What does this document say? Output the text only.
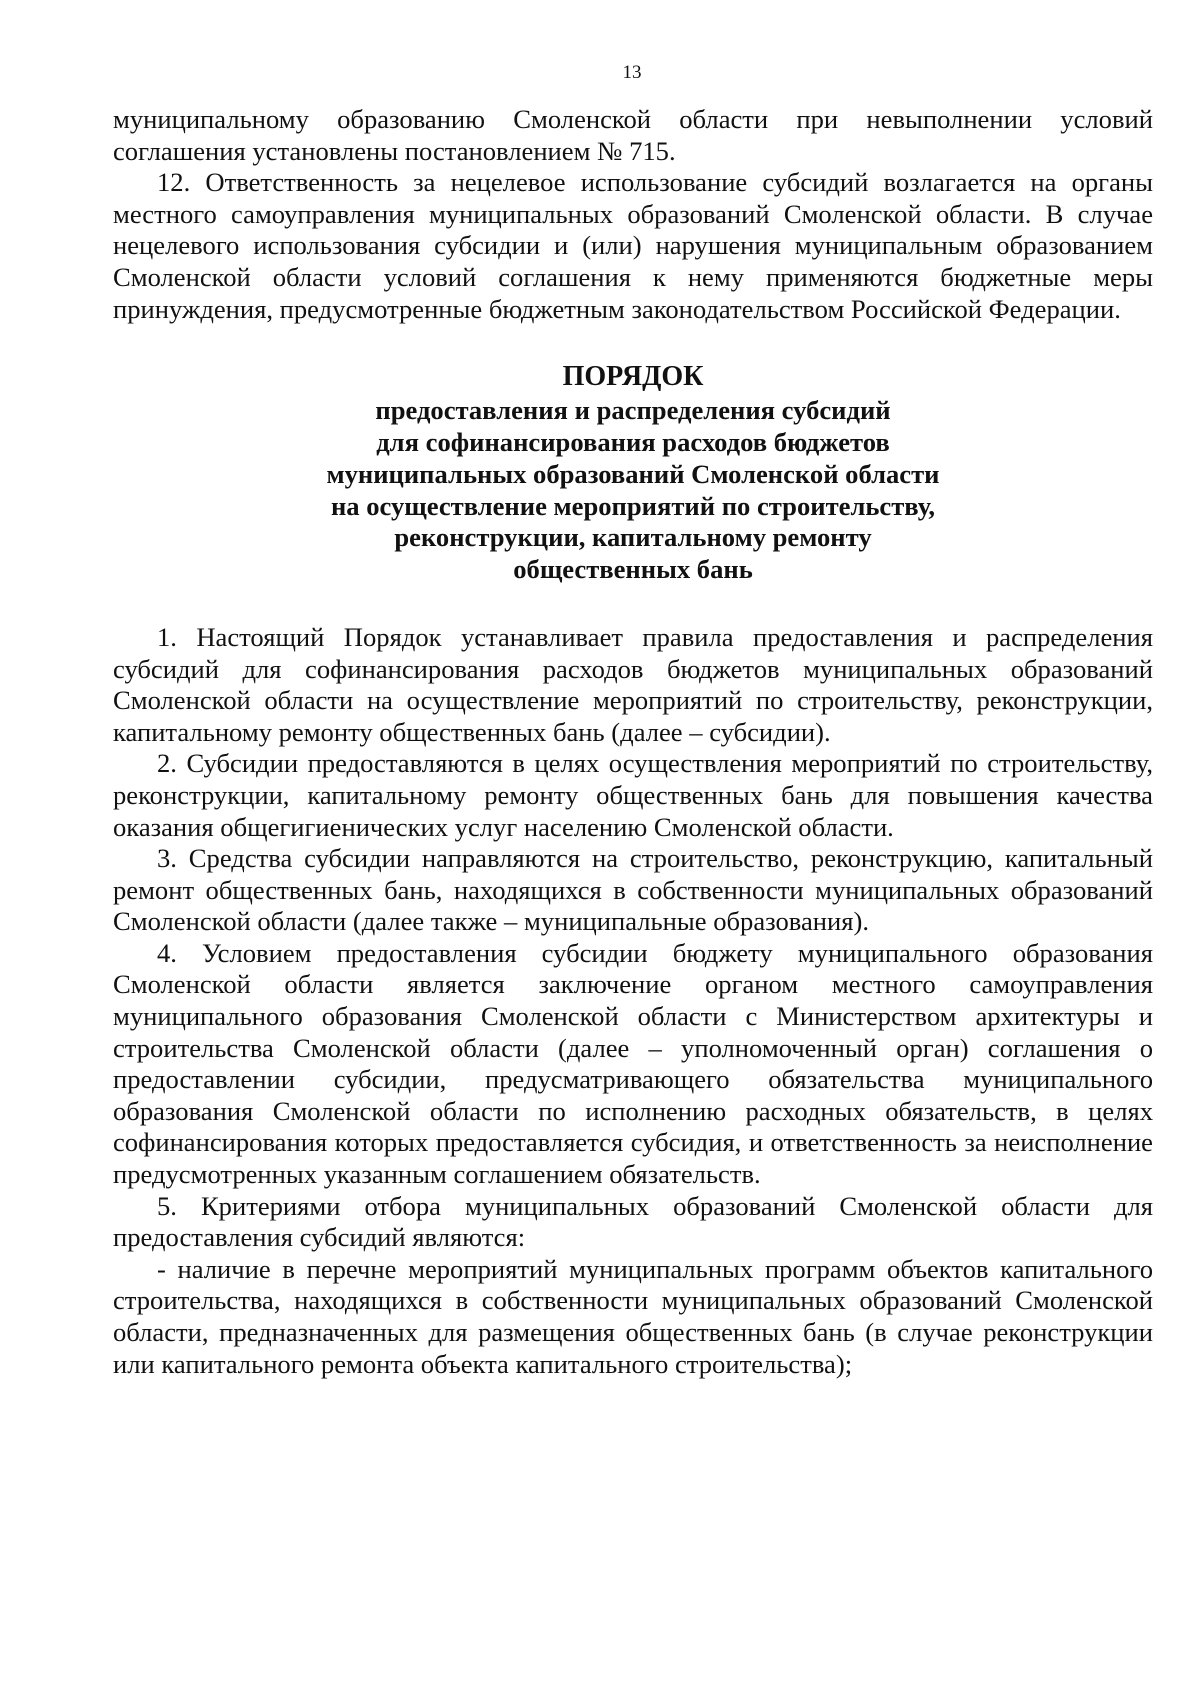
13

муниципальному образованию Смоленской области при невыполнении условий соглашения установлены постановлением № 715.

12. Ответственность за нецелевое использование субсидий возлагается на органы местного самоуправления муниципальных образований Смоленской области. В случае нецелевого использования субсидии и (или) нарушения муниципальным образованием Смоленской области условий соглашения к нему применяются бюджетные меры принуждения, предусмотренные бюджетным законодательством Российской Федерации.

ПОРЯДОК
предоставления и распределения субсидий
для софинансирования расходов бюджетов
муниципальных образований Смоленской области
на осуществление мероприятий по строительству,
реконструкции, капитальному ремонту
общественных бань

1. Настоящий Порядок устанавливает правила предоставления и распределения субсидий для софинансирования расходов бюджетов муниципальных образований Смоленской области на осуществление мероприятий по строительству, реконструкции, капитальному ремонту общественных бань (далее – субсидии).

2. Субсидии предоставляются в целях осуществления мероприятий по строительству, реконструкции, капитальному ремонту общественных бань для повышения качества оказания общегигиенических услуг населению Смоленской области.

3. Средства субсидии направляются на строительство, реконструкцию, капитальный ремонт общественных бань, находящихся в собственности муниципальных образований Смоленской области (далее также – муниципальные образования).

4. Условием предоставления субсидии бюджету муниципального образования Смоленской области является заключение органом местного самоуправления муниципального образования Смоленской области с Министерством архитектуры и строительства Смоленской области (далее – уполномоченный орган) соглашения о предоставлении субсидии, предусматривающего обязательства муниципального образования Смоленской области по исполнению расходных обязательств, в целях софинансирования которых предоставляется субсидия, и ответственность за неисполнение предусмотренных указанным соглашением обязательств.

5. Критериями отбора муниципальных образований Смоленской области для предоставления субсидий являются:

- наличие в перечне мероприятий муниципальных программ объектов капитального строительства, находящихся в собственности муниципальных образований Смоленской области, предназначенных для размещения общественных бань (в случае реконструкции или капитального ремонта объекта капитального строительства);
